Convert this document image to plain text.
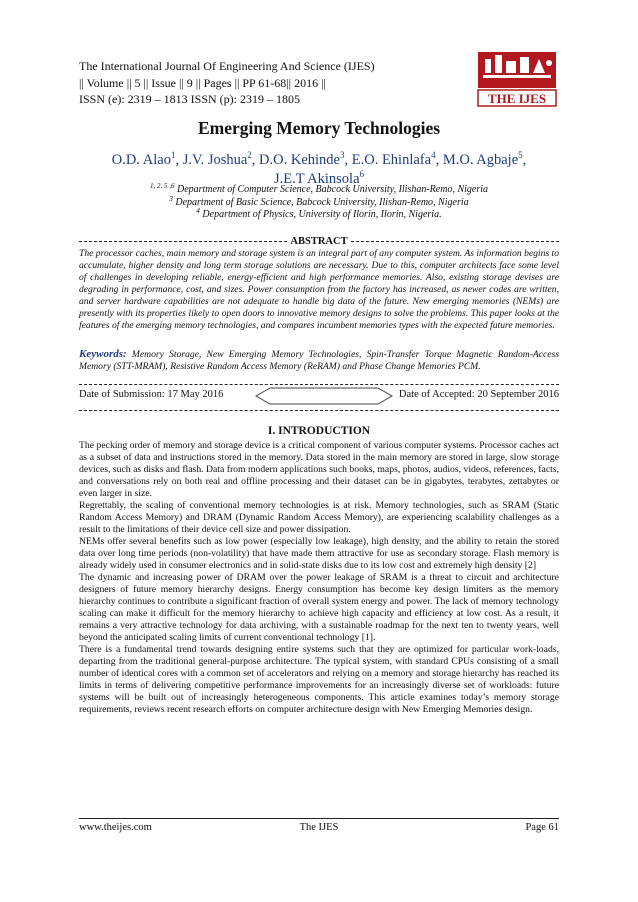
The International Journal Of Engineering And Science (IJES)
|| Volume || 5 || Issue || 9 || Pages || PP 61-68|| 2016 ||
ISSN (e): 2319 – 1813 ISSN (p): 2319 – 1805	THE IJES
Emerging Memory Technologies
O.D. Alao$^1$, J.V. Joshua$^2$, D.O. Kehinde$^3$, E.O. Ehinlafa$^4$, M.O. Agbaje$^5$,
J.E.T Akinsola$^6$
$^{1, 2, 5 ,6}$ Department of Computer Science, Babcock University, Ilishan-Remo, Nigeria
$^3$ Department of Basic Science, Babcock University, Ilishan-Remo, Nigeria
$^4$ Department of Physics, University of Ilorin, Ilorin, Nigeria.
ABSTRACT

The processor caches, main memory and storage system is an integral part of any computer system. As information begins to accumulate, higher density and long term storage solutions are necessary. Due to this, computer architects face some level of challenges in developing reliable, energy-efficient and high performance memories. Also, existing storage devises are degrading in performance, cost, and sizes. Power consumption from the factory has increased, as newer codes are written, and server hardware capabilities are not adequate to handle big data of the future. New emerging memories (NEMs) are presently with its properties likely to open doors to innovative memory designs to solve the problems. This paper looks at the features of the emerging memory technologies, and compares incumbent memories types with the expected future memories.

Keywords: Memory Storage, New Emerging Memory Technologies, Spin-Transfer Torque Magnetic Random-Access Memory (STT-MRAM), Resistive Random Access Memory (ReRAM) and Phase Change Memories PCM.
Date of Submission: 17 May 2016	Date of Accepted: 20 September 2016
I. INTRODUCTION

The pecking order of memory and storage device is a critical component of various computer systems. Processor caches act as a subset of data and instructions stored in the memory. Data stored in the main memory are stored in large, slow storage devices, such as disks and flash. Data from modern applications such books, maps, photos, audios, videos, references, facts, and conversations rely on both real and offline processing and their dataset can be in gigabytes, terabytes, zettabytes or even larger in size.

Regrettably, the scaling of conventional memory technologies is at risk. Memory technologies, such as SRAM (Static Random Access Memory) and DRAM (Dynamic Random Access Memory), are experiencing scalability challenges as a result to the limitations of their device cell size and power dissipation.

NEMs offer several benefits such as low power (especially low leakage), high density, and the ability to retain the stored data over long time periods (non-volatility) that have made them attractive for use as secondary storage. Flash memory is already widely used in consumer electronics and in solid-state disks due to its low cost and extremely high density [2]

The dynamic and increasing power of DRAM over the power leakage of SRAM is a threat to circuit and architecture designers of future memory hierarchy designs. Energy consumption has become key design limiters as the memory hierarchy continues to contribute a significant fraction of overall system energy and power. The lack of memory technology scaling can make it difficult for the memory hierarchy to achieve high capacity and efficiency at low cost. As a result, it remains a very attractive technology for data archiving, with a sustainable roadmap for the next ten to twenty years, well beyond the anticipated scaling limits of current conventional technology [1].

There is a fundamental trend towards designing entire systems such that they are optimized for particular work-loads, departing from the traditional general-purpose architecture. The typical system, with standard CPUs consisting of a small number of identical cores with a common set of accelerators and relying on a memory and storage hierarchy has reached its limits in terms of delivering competitive performance improvements for an increasingly diverse set of workloads: future systems will be built out of increasingly heterogeneous components. This article examines today’s memory storage requirements, reviews recent research efforts on computer architecture design with New Emerging Memories design.

www.theijes.com	The IJES	Page 61
